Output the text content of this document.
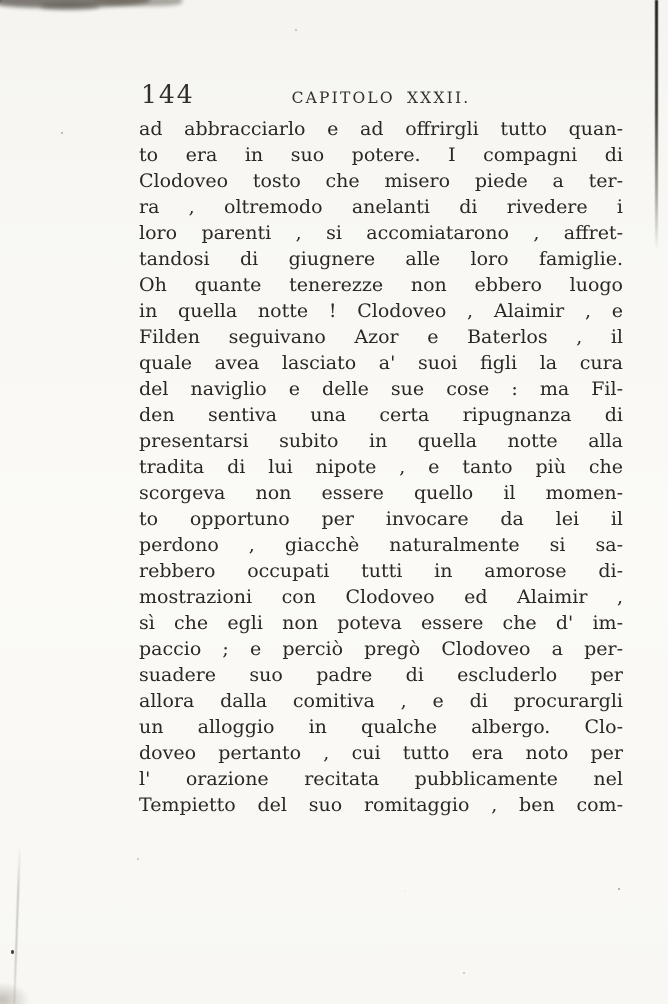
144	CAPITOLO XXXII.
ad abbracciarlo e ad offrirgli tutto quan-
to era in suo potere. I compagni di
Clodoveo tosto che misero piede a ter-
ra , oltremodo anelanti di rivedere i
loro parenti , si accomiatarono , affret-
tandosi di giugnere alle loro famiglie.
Oh quante tenerezze non ebbero luogo
in quella notte ! Clodoveo , Alaimir , e
Filden seguivano Azor e Baterlos , il
quale avea lasciato a' suoi figli la cura
del naviglio e delle sue cose : ma Fil-
den sentiva una certa ripugnanza di
presentarsi subito in quella notte alla
tradita di lui nipote , e tanto più che
scorgeva non essere quello il momen-
to opportuno per invocare da lei il
perdono , giacchè naturalmente si sa-
rebbero occupati tutti in amorose di-
mostrazioni con Clodoveo ed Alaimir ,
sì che egli non poteva essere che d' im-
paccio ; e perciò pregò Clodoveo a per-
suadere suo padre di escluderlo per
allora dalla comitiva , e di procurargli
un alloggio in qualche albergo. Clo-
doveo pertanto , cui tutto era noto per
l' orazione recitata pubblicamente nel
Tempietto del suo romitaggio , ben com-
